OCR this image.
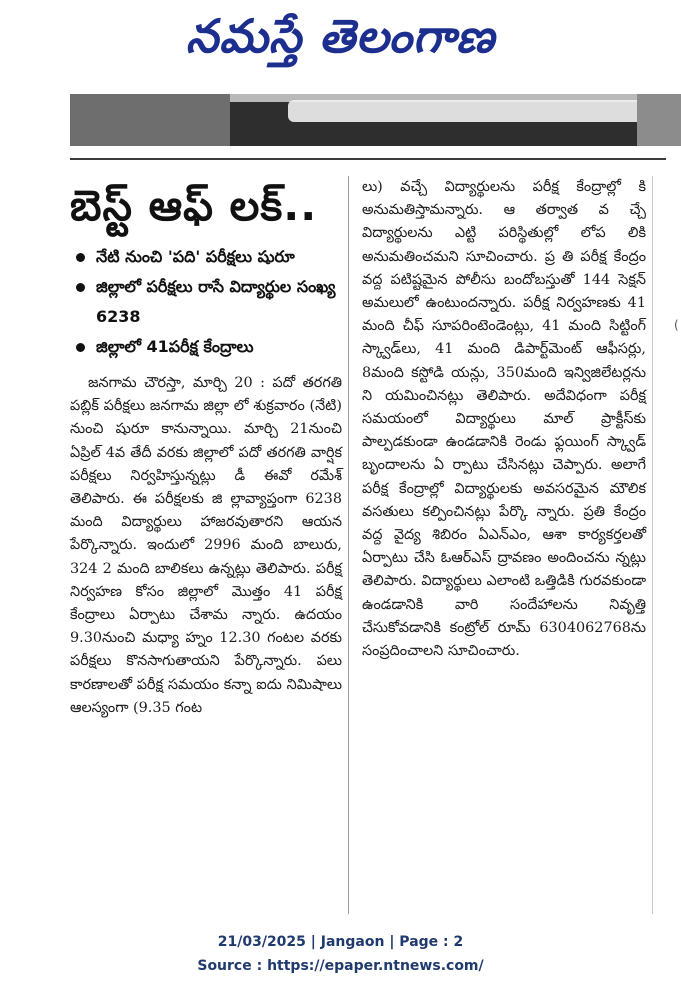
నమస్తే తెలంగాణ
(
బెస్ట్ ఆఫ్ లక్..
నేటి నుంచి 'పది' పరీక్షలు షురూ
జిల్లాలో పరీక్షలు రాసే విద్యార్థుల సంఖ్య 6238
జిల్లాలో 41పరీక్ష కేంద్రాలు

జనగామ చౌరస్తా, మార్చి 20 : పదో తరగతి పబ్లిక్ పరీక్షలు జనగామ జిల్లా లో శుక్రవారం (నేటి) నుంచి షురూ కానున్నాయి. మార్చి 21నుంచి ఏప్రిల్ 4వ తేదీ వరకు జిల్లాలో పదో తరగతి వార్షిక పరీక్షలు నిర్వహిస్తున్నట్లు డీ ఈవో రమేశ్ తెలిపారు. ఈ పరీక్షలకు జి ల్లావ్యాప్తంగా 6238 మంది విద్యార్థులు హాజరవుతారని ఆయన పేర్కొన్నారు. ఇందులో 2996 మంది బాలురు, 324 2 మంది బాలికలు ఉన్నట్లు తెలిపారు. పరీక్ష నిర్వహణ కోసం జిల్లాలో మొత్తం 41 పరీక్ష కేంద్రాలు ఏర్పాటు చేశామ న్నారు. ఉదయం 9.30నుంచి మధ్యా హ్నం 12.30 గంటల వరకు పరీక్షలు కొనసాగుతాయని పేర్కొన్నారు. పలు కారణాలతో పరీక్ష సమయం కన్నా ఐదు నిమిషాలు ఆలస్యంగా (9.35 గంట

లు) వచ్చే విద్యార్థులను పరీక్ష కేంద్రాల్లో కి అనుమతిస్తామన్నారు. ఆ తర్వాత వ చ్చే విద్యార్థులను ఎట్టి పరిస్థితుల్లో లోప లికి అనుమతించమని సూచించారు. ప్ర తి పరీక్ష కేంద్రం వద్ద పటిష్టమైన పోలీసు బందోబస్తుతో 144 సెక్షన్ అమలులో ఉంటుందన్నారు. పరీక్ష నిర్వహణకు 41 మంది చీఫ్ సూపరింటెండెంట్లు, 41 మంది సిట్టింగ్ స్క్వాడ్‌లు, 41 మంది డిపార్ట్‌మెంట్ ఆఫీసర్లు, 8మంది కస్టోడి యన్లు, 350మంది ఇన్విజిలేటర్లను ని యమించినట్లు తెలిపారు. అదేవిధంగా పరీక్ష సమయంలో విద్యార్థులు మాల్ ప్రాక్టీస్‌కు పాల్పడకుండా ఉండడానికి రెండు ఫ్లయింగ్ స్క్వాడ్ బృందాలను ఏ ర్పాటు చేసినట్లు చెప్పారు. అలాగే పరీక్ష కేంద్రాల్లో విద్యార్థులకు అవసరమైన మౌలిక వసతులు కల్పించినట్లు పేర్కొ న్నారు. ప్రతి కేంద్రం వద్ద వైద్య శిబిరం ఏఎన్ఎం, ఆశా కార్యకర్తలతో ఏర్పాటు చేసి ఓఆర్ఎస్ ద్రావణం అందించను న్నట్లు తెలిపారు. విద్యార్థులు ఎలాంటి ఒత్తిడికి గురవకుండా ఉండడానికి వారి సందేహాలను నివృత్తి చేసుకోవడానికి కంట్రోల్ రూమ్ 6304062768ను సంప్రదించాలని సూచించారు.

21/03/2025 | Jangaon | Page : 2
Source : https://epaper.ntnews.com/
